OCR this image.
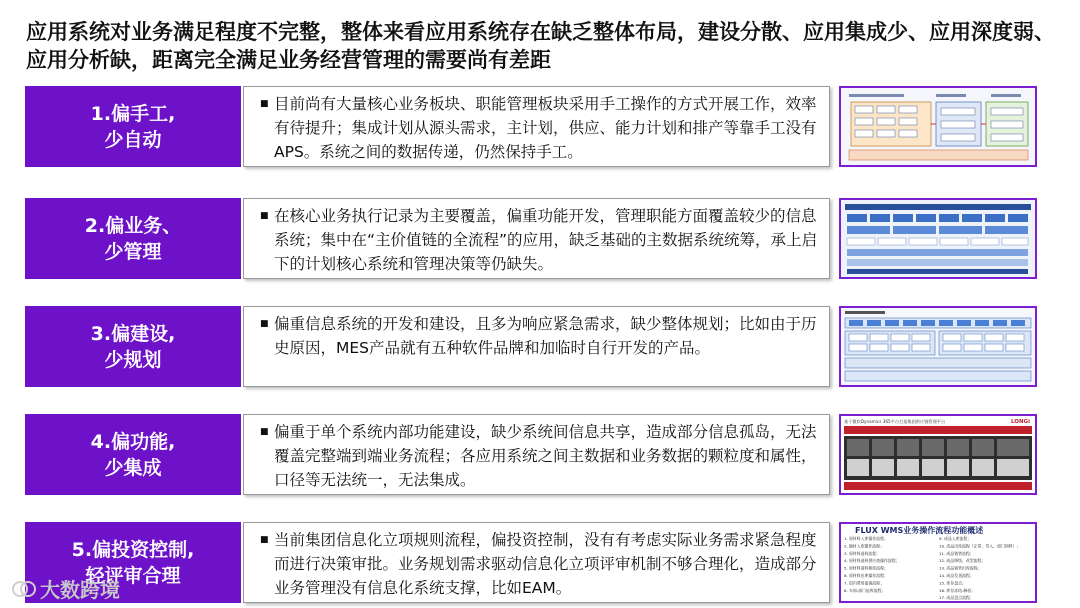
应用系统对业务满足程度不完整，整体来看应用系统存在缺乏整体布局，建设分散、应用集成少、应用深度弱、应用分析缺，距离完全满足业务经营管理的需要尚有差距
1.偏手工,
少自动
■ 目前尚有大量核心业务板块、职能管理板块采用手工操作的方式开展工作，效率有待提升；集成计划从源头需求，主计划，供应、能力计划和排产等靠手工没有APS。系统之间的数据传递，仍然保持手工。
2.偏业务、
少管理
■ 在核心业务执行记录为主要覆盖，偏重功能开发，管理职能方面覆盖较少的信息系统；集中在“主价值链的全流程”的应用，缺乏基础的主数据系统统筹，承上启下的计划核心系统和管理决策等仍缺失。
3.偏建设,
少规划
■ 偏重信息系统的开发和建设，且多为响应紧急需求，缺少整体规划；比如由于历史原因，MES产品就有五种软件品牌和加临时自行开发的产品。
4.偏功能,
少集成
■ 偏重于单个系统内部功能建设，缺少系统间信息共享，造成部分信息孤岛，无法覆盖完整端到端业务流程；各应用系统之间主数据和业务数据的颗粒度和属性，口径等无法统一，无法集成。
基于微软Dynamics 365平台打造集团供应链管理平台	LONGi
5.偏投资控制,
轻评审合理
■ 当前集团信息化立项规则流程，偏投资控制，没有有考虑实际业务需求紧急程度而进行决策审批。业务规划需求驱动信息化立项评审机制不够合理化，造成部分业务管理没有信息化系统支撑，比如EAM。
FLUX WMS业务操作流程功能概述
1. 原材料入库操作流程；
2. 辅材入库操作流程；
3. 原材料退料流程；
4. 原材料退料供应商操作流程；
5. 原材料退料换库流程；
6. 原材料出库操作流程；
7. 国内费用报销流程；
8. 车间-部门退库流程；
9. 成品入库流程；
10. 成品出库流程（正常，导入、部门领料）；
11. 成品销售流程；
12. 成品降级，改型流程；
13. 成品销售出库流程；
14. 成品发货流程；
15. 库存盘点；
16. 库存冻结-释放；
17. 成品盘点流程；
大数跨境
